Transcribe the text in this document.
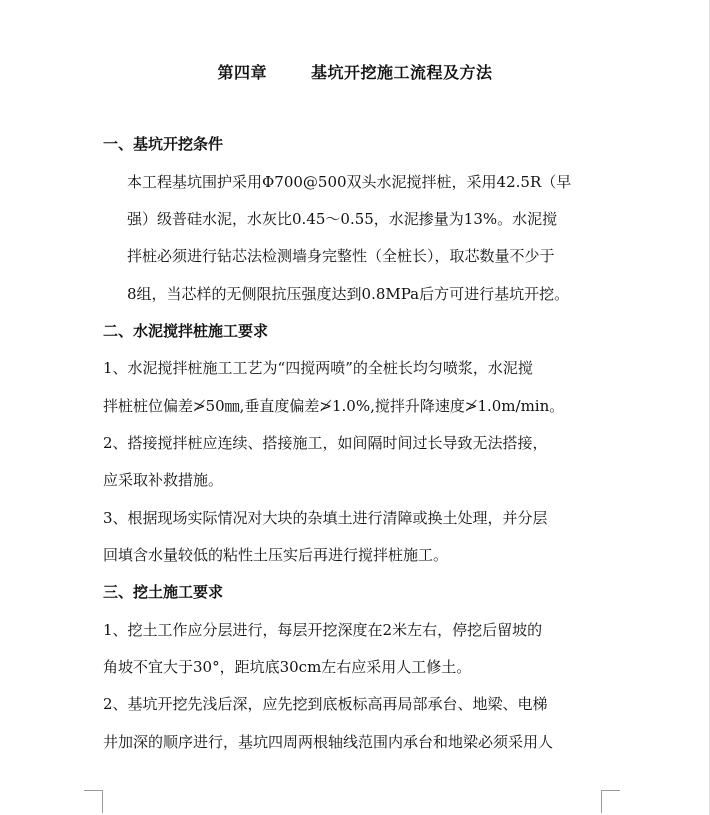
第四章	基坑开挖施工流程及方法
一、基坑开挖条件
本工程基坑围护采用Φ700@500双头水泥搅拌桩，采用42.5R（早
强）级普硅水泥，水灰比0.45～0.55，水泥掺量为13%。水泥搅
拌桩必须进行钻芯法检测墙身完整性（全桩长），取芯数量不少于
8组，当芯样的无侧限抗压强度达到0.8MPa后方可进行基坑开挖。
二、水泥搅拌桩施工要求
1、水泥搅拌桩施工工艺为“四搅两喷”的全桩长均匀喷浆，水泥搅
拌桩桩位偏差≯50㎜,垂直度偏差≯1.0%,搅拌升降速度≯1.0m/min。
2、搭接搅拌桩应连续、搭接施工，如间隔时间过长导致无法搭接，
应采取补救措施。
3、根据现场实际情况对大块的杂填土进行清障或换土处理，并分层
回填含水量较低的粘性土压实后再进行搅拌桩施工。
三、挖土施工要求
1、挖土工作应分层进行，每层开挖深度在2米左右，停挖后留坡的
角坡不宜大于30°，距坑底30cm左右应采用人工修土。
2、基坑开挖先浅后深，应先挖到底板标高再局部承台、地梁、电梯
井加深的顺序进行，基坑四周两根轴线范围内承台和地梁必须采用人
